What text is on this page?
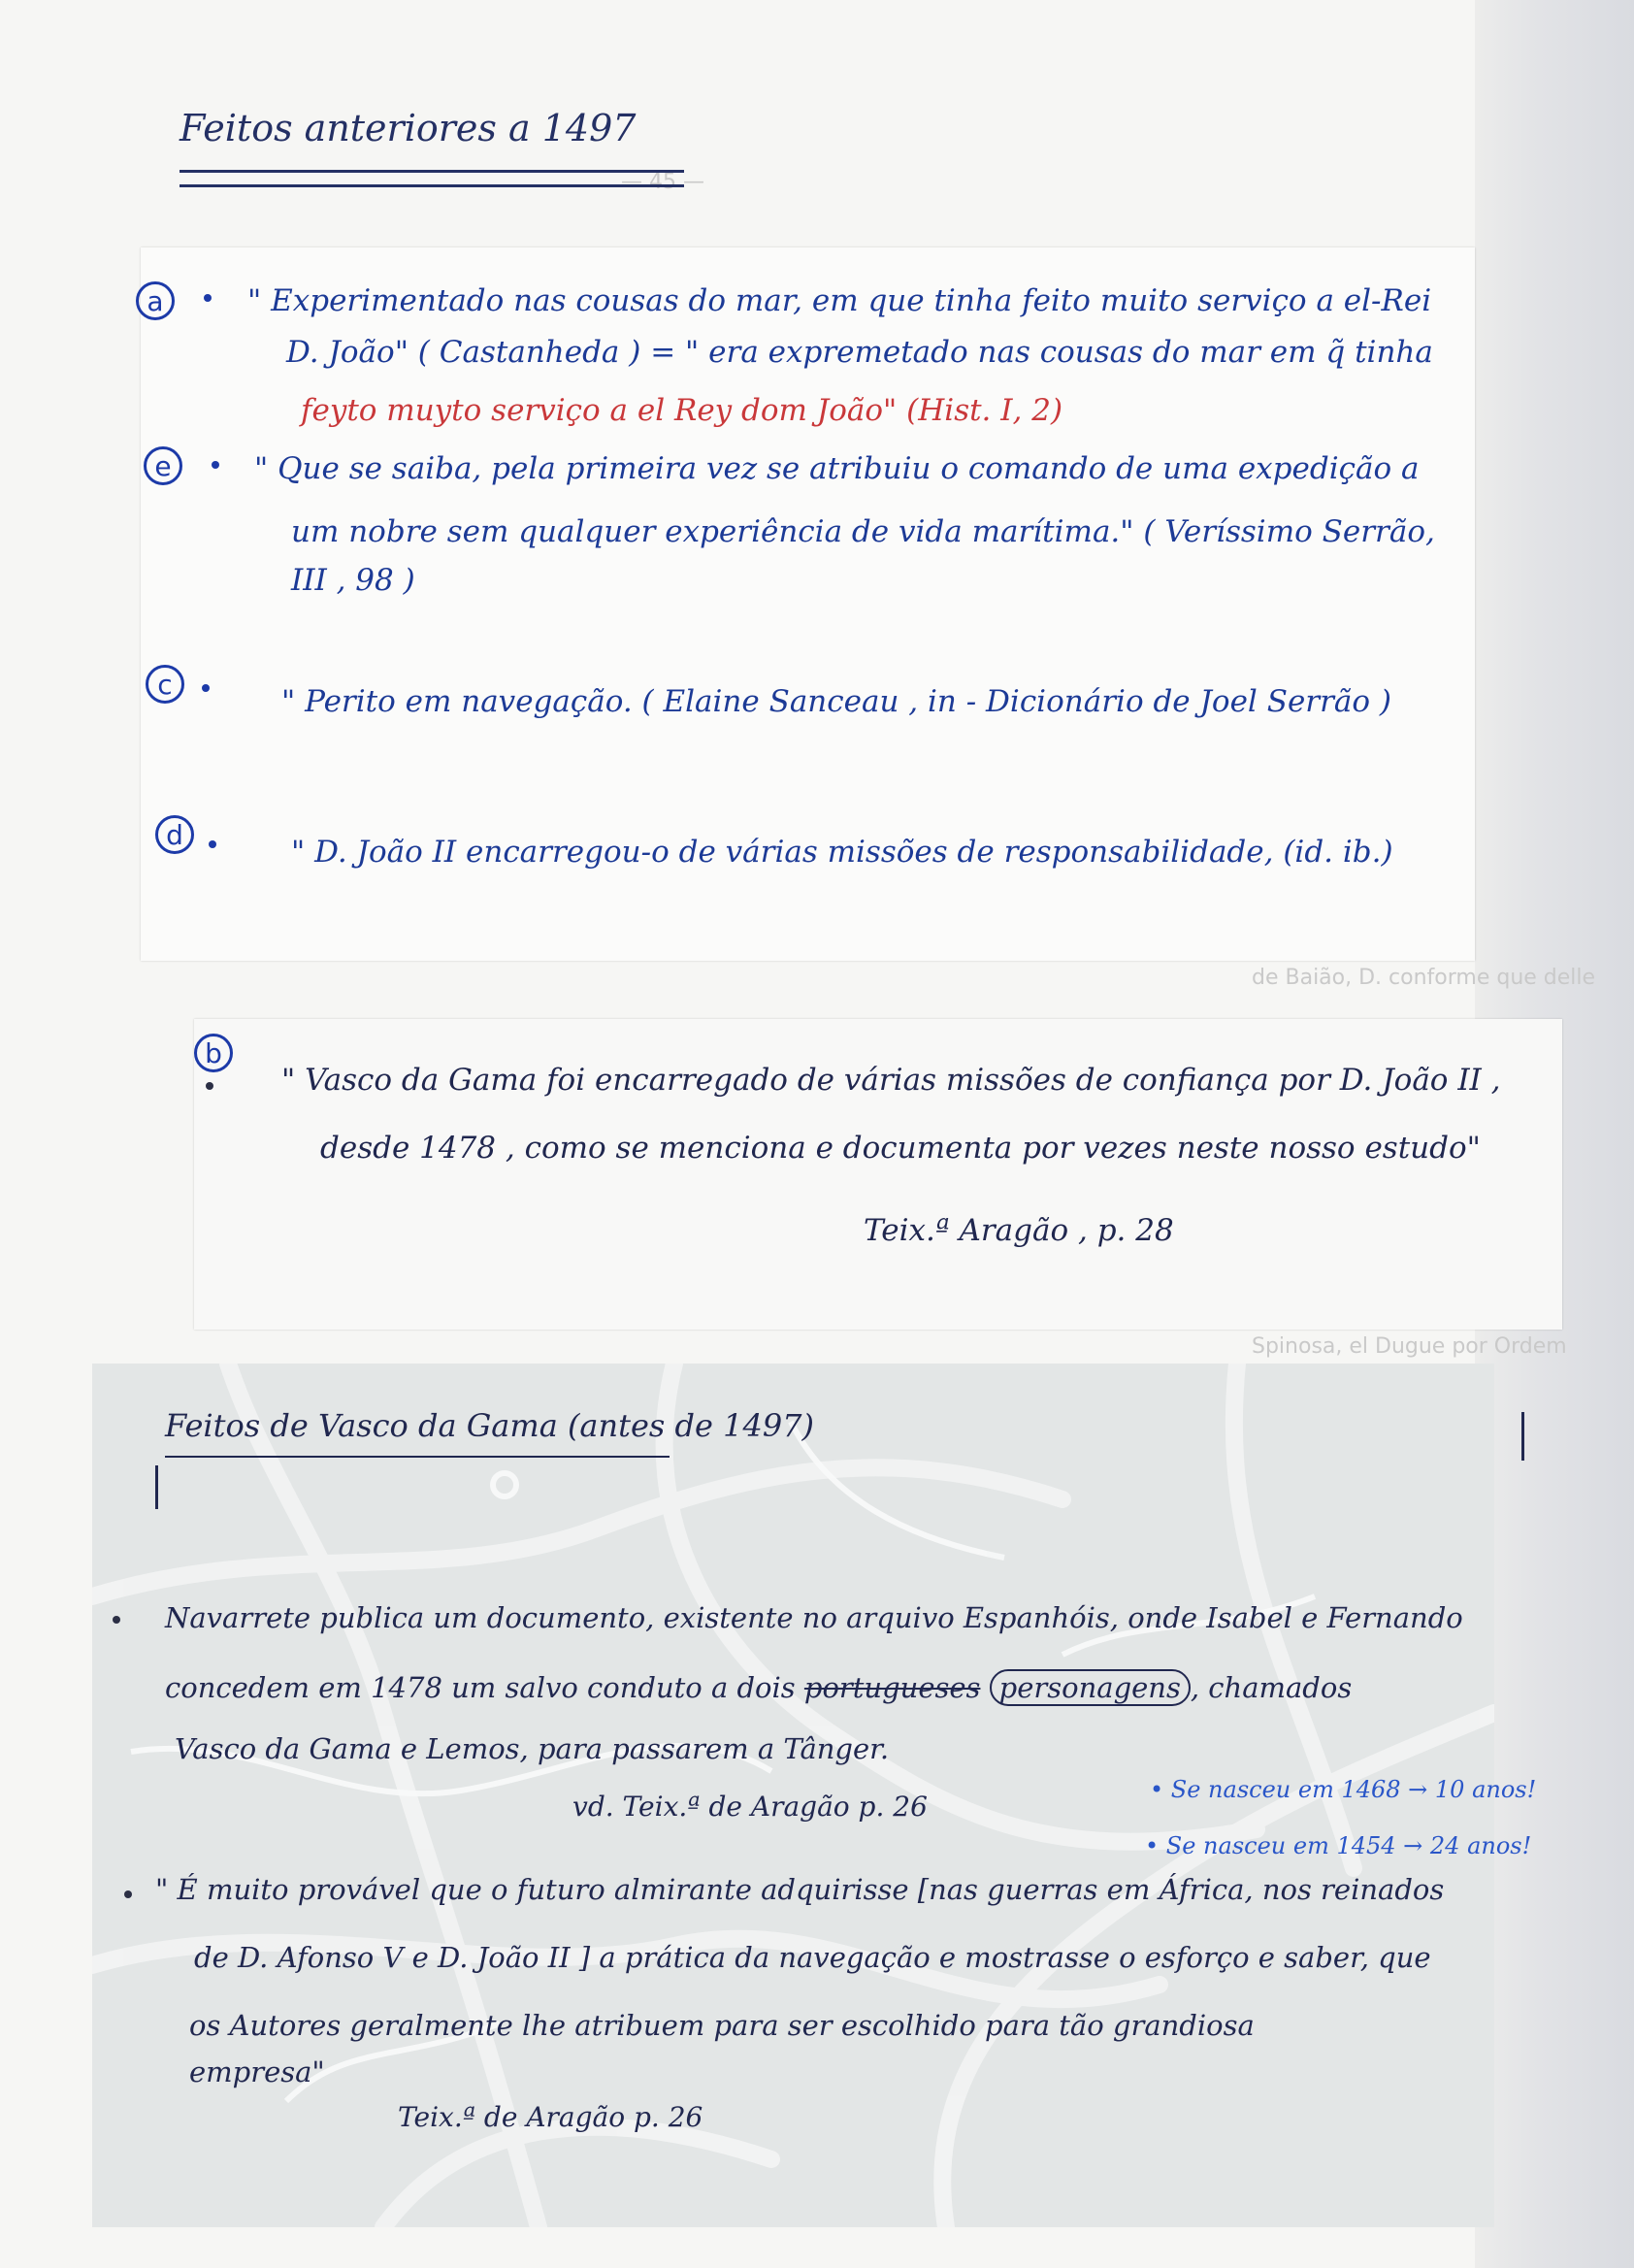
— 45 —
de Baião, D. conforme que delle
Spinosa, el Dugue por Ordem
Feitos anteriores a 1497
a	" Experimentado nas cousas do mar, em que tinha feito muito serviço a el-Rei
D. João" ( Castanheda ) = " era expremetado nas cousas do mar em q̃ tinha
feyto muyto serviço a el Rey dom João" (Hist. I, 2)
e	" Que se saiba, pela primeira vez se atribuiu o comando de uma expedição a
um nobre sem qualquer experiência de vida marítima." ( Veríssimo Serrão,
III , 98 )
c	" Perito em navegação. ( Elaine Sanceau , in - Dicionário de Joel Serrão )
d	" D. João II encarregou-o de várias missões de responsabilidade, (id. ib.)
b
" Vasco da Gama foi encarregado de várias missões de confiança por D. João II ,
desde 1478 , como se menciona e documenta por vezes neste nosso estudo"
Teix.ª Aragão , p. 28
Feitos de Vasco da Gama (antes de 1497)
Navarrete publica um documento, existente no arquivo Espanhóis, onde Isabel e Fernando
concedem em 1478 um salvo conduto a dois portugueses personagens , chamados
Vasco da Gama e Lemos, para passarem a Tânger.
vd. Teix.ª de Aragão p. 26
• Se nasceu em 1468 → 10 anos!
• Se nasceu em 1454 → 24 anos!
" É muito provável que o futuro almirante adquirisse [nas guerras em África, nos reinados
de D. Afonso V e D. João II ] a prática da navegação e mostrasse o esforço e saber, que
os Autores geralmente lhe atribuem para ser escolhido para tão grandiosa
empresa"
Teix.ª de Aragão p. 26
